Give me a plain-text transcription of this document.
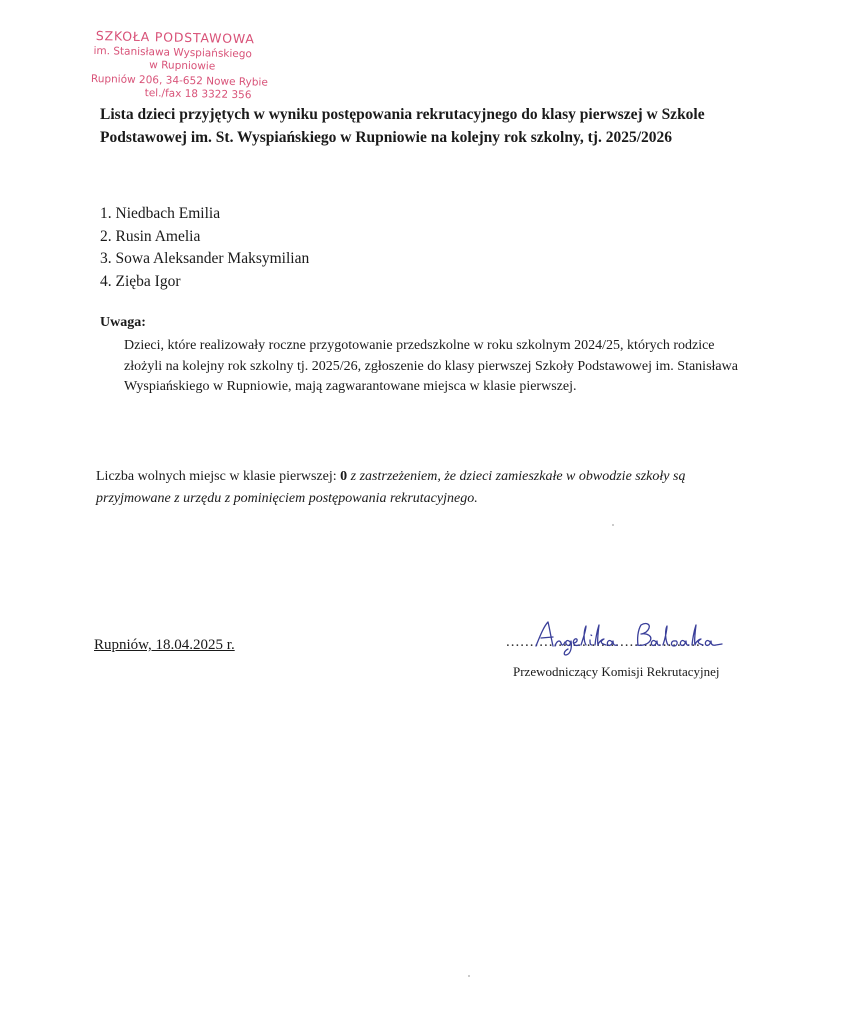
SZKOŁA PODSTAWOWA
im. Stanisława Wyspiańskiego
w Rupniowie
Rupniów 206, 34-652 Nowe Rybie
tel./fax 18 3322 356

Lista dzieci przyjętych w wyniku postępowania rekrutacyjnego do klasy pierwszej w Szkole Podstawowej im. St. Wyspiańskiego w Rupniowie na kolejny rok szkolny, tj. 2025/2026

1. Niedbach Emilia
2. Rusin Amelia
3. Sowa Aleksander Maksymilian
4. Zięba Igor
Uwaga:

Dzieci, które realizowały roczne przygotowanie przedszkolne w roku szkolnym 2024/25, których rodzice złożyli na kolejny rok szkolny tj. 2025/26, zgłoszenie do klasy pierwszej Szkoły Podstawowej im. Stanisława Wyspiańskiego w Rupniowie, mają zagwarantowane miejsca w klasie pierwszej.

Liczba wolnych miejsc w klasie pierwszej: 0 z zastrzeżeniem, że dzieci zamieszkałe w obwodzie szkoły są przyjmowane z urzędu z pominięciem postępowania rekrutacyjnego.

Rupniów, 18.04.2025 r.	..........................................
Przewodniczący Komisji Rekrutacyjnej
